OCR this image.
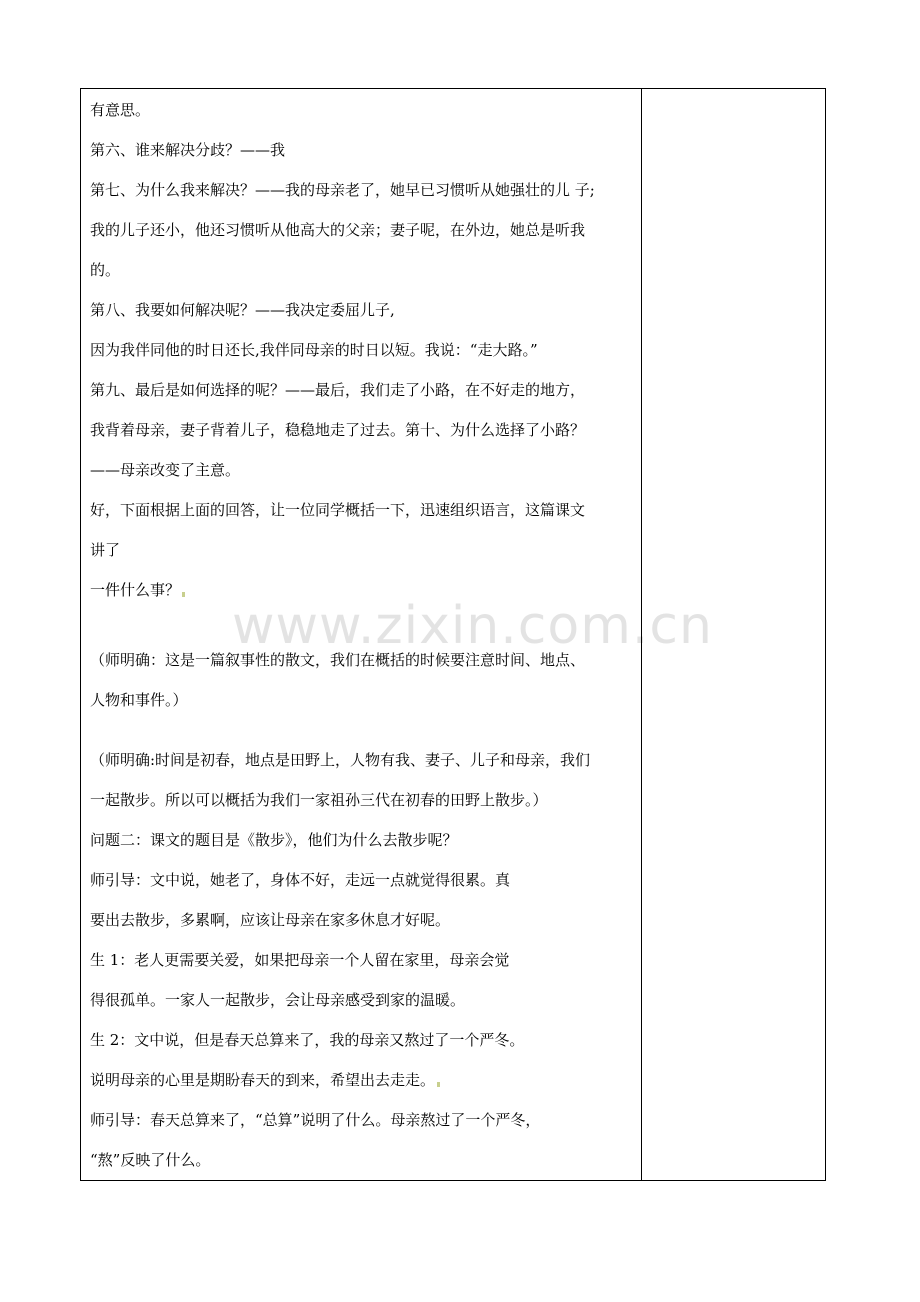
www.zixin.com.cn
有意思。
第六、谁来解决分歧？——我
第七、为什么我来解决？——我的母亲老了，她早已习惯听从她强壮的儿 子;
我的儿子还小，他还习惯听从他高大的父亲；妻子呢，在外边，她总是听我
的。
第八、我要如何解决呢？——我决定委屈儿子,
因为我伴同他的时日还长,我伴同母亲的时日以短。我说：“走大路。”
第九、最后是如何选择的呢？——最后，我们走了小路，在不好走的地方，
我背着母亲，妻子背着儿子，稳稳地走了过去。第十、为什么选择了小路？
——母亲改变了主意。
好，下面根据上面的回答，让一位同学概括一下，迅速组织语言，这篇课文
讲了
一件什么事？
（师明确：这是一篇叙事性的散文，我们在概括的时候要注意时间、地点、
人物和事件。）
（师明确:时间是初春，地点是田野上，人物有我、妻子、儿子和母亲，我们
一起散步。所以可以概括为我们一家祖孙三代在初春的田野上散步。）
问题二：课文的题目是《散步》，他们为什么去散步呢？
师引导：文中说，她老了，身体不好，走远一点就觉得很累。真
要出去散步，多累啊，应该让母亲在家多休息才好呢。
生 1：老人更需要关爱，如果把母亲一个人留在家里，母亲会觉
得很孤单。一家人一起散步，会让母亲感受到家的温暖。
生 2：文中说，但是春天总算来了，我的母亲又熬过了一个严冬。
说明母亲的心里是期盼春天的到来，希望出去走走。
师引导：春天总算来了，“总算”说明了什么。母亲熬过了一个严冬，
“熬”反映了什么。
